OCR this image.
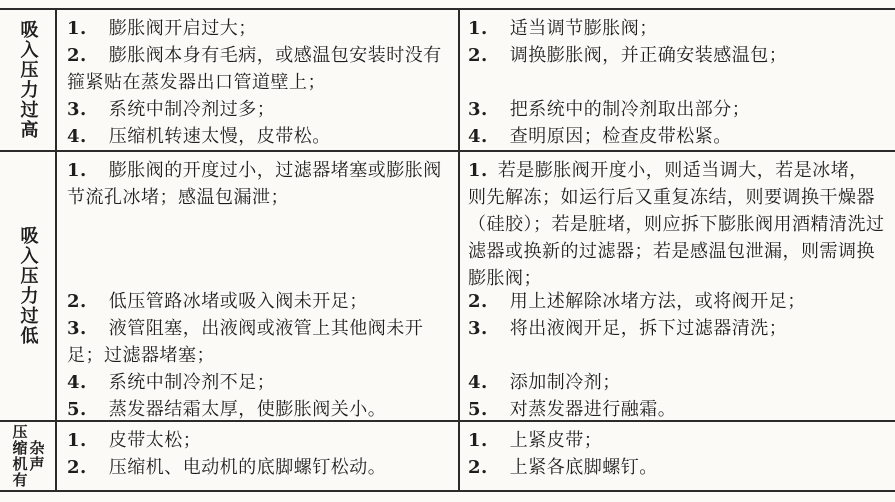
吸入压力过高	1. 膨胀阀开启过大；	1. 适当调节膨胀阀；
2. 膨胀阀本身有毛病，或感温包安装时没有箍紧贴在蒸发器出口管道壁上；
2. 调换膨胀阀，并正确安装感温包；
3. 系统中制冷剂过多；	3. 把系统中的制冷剂取出部分；
4. 压缩机转速太慢，皮带松。	4. 查明原因；检查皮带松紧。
吸入压力过低
1. 膨胀阀的开度过小，过滤器堵塞或膨胀阀节流孔冰堵；感温包漏泄；
1. 若是膨胀阀开度小，则适当调大，若是冰堵，则先解冻；如运行后又重复冻结，则要调换干燥器（硅胶）；若是脏堵，则应拆下膨胀阀用酒精清洗过滤器或换新的过滤器；若是感温包泄漏，则需调换膨胀阀；
2. 低压管路冰堵或吸入阀未开足；	2. 用上述解除冰堵方法，或将阀开足；
3. 液管阻塞，出液阀或液管上其他阀未开足；过滤器堵塞；
3. 将出液阀开足，拆下过滤器清洗；
4. 系统中制冷剂不足；	4. 添加制冷剂；
5. 蒸发器结霜太厚，使膨胀阀关小。	5. 对蒸发器进行融霜。
压缩机有 杂声	1. 皮带太松；	1. 上紧皮带；
2. 压缩机、电动机的底脚螺钉松动。	2. 上紧各底脚螺钉。
